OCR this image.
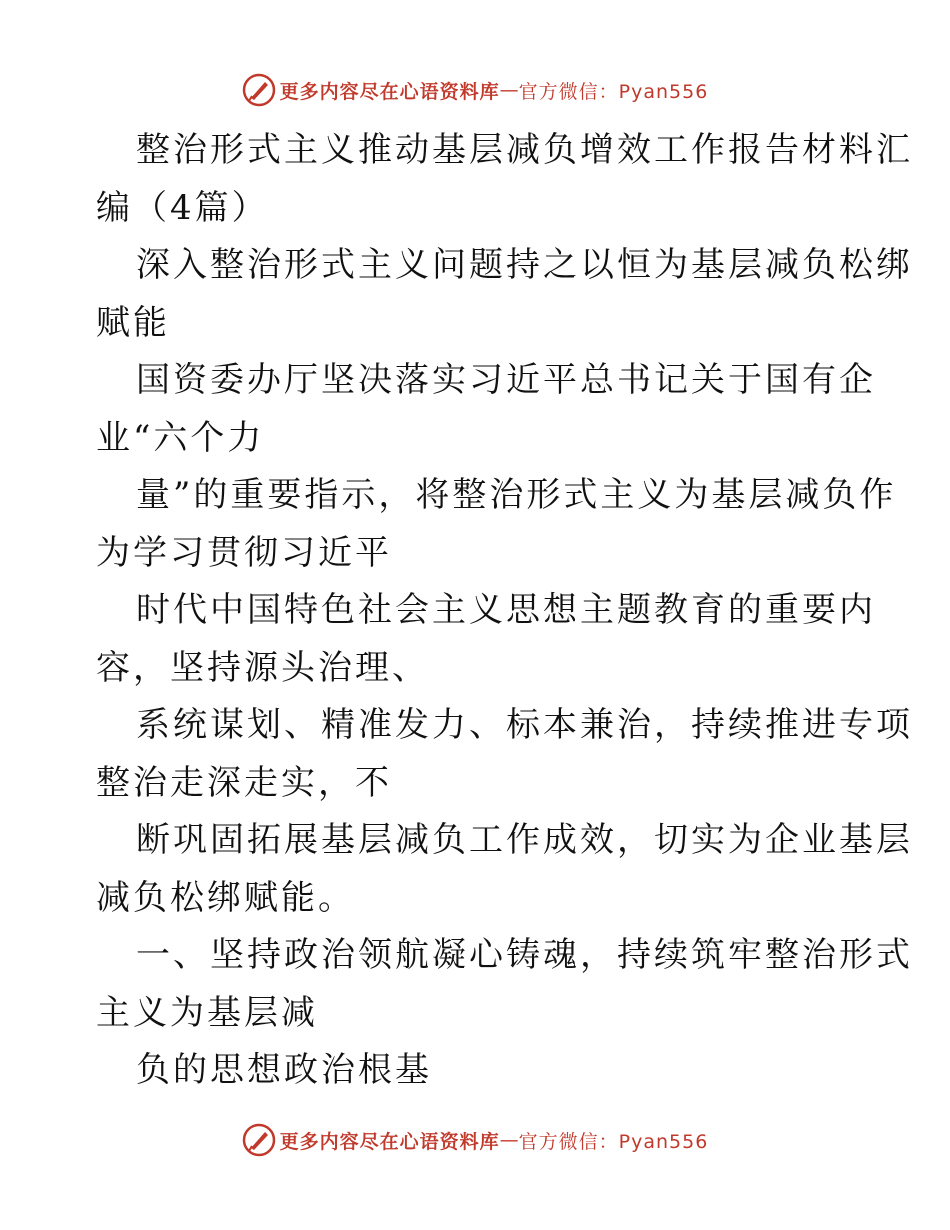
更多内容尽在心语资料库 — 官方微信：Pyan556
整治形式主义推动基层减负增效工作报告材料汇
编（4篇）
深入整治形式主义问题持之以恒为基层减负松绑
赋能
国资委办厅坚决落实习近平总书记关于国有企
业“六个力
量”的重要指示，将整治形式主义为基层减负作
为学习贯彻习近平
时代中国特色社会主义思想主题教育的重要内
容，坚持源头治理、
系统谋划、精准发力、标本兼治，持续推进专项
整治走深走实，不
断巩固拓展基层减负工作成效，切实为企业基层
减负松绑赋能。
一、坚持政治领航凝心铸魂，持续筑牢整治形式
主义为基层减
负的思想政治根基
更多内容尽在心语资料库 — 官方微信：Pyan556
